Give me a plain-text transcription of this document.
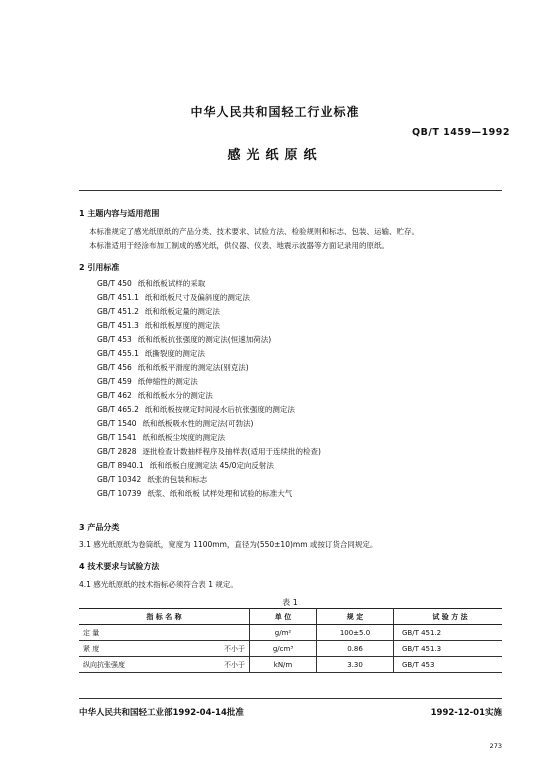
中华人民共和国轻工行业标准
QB/T 1459—1992
感光纸原纸
1 主题内容与适用范围
本标准规定了感光纸原纸的产品分类、技术要求、试验方法、检验规则和标志、包装、运输、贮存。
本标准适用于经涂布加工制成的感光纸，供仪器、仪表、地震示波器等方面记录用的原纸。
2 引用标准
GB/T 450 纸和纸板试样的采取
GB/T 451.1 纸和纸板尺寸及偏斜度的测定法
GB/T 451.2 纸和纸板定量的测定法
GB/T 451.3 纸和纸板厚度的测定法
GB/T 453 纸和纸板抗张强度的测定法(恒速加荷法)
GB/T 455.1 纸撕裂度的测定法
GB/T 456 纸和纸板平滑度的测定法(别克法)
GB/T 459 纸伸缩性的测定法
GB/T 462 纸和纸板水分的测定法
GB/T 465.2 纸和纸板按规定时间浸水后抗张强度的测定法
GB/T 1540 纸和纸板吸水性的测定法(可勃法)
GB/T 1541 纸和纸板尘埃度的测定法
GB/T 2828 逐批检查计数抽样程序及抽样表(适用于连续批的检查)
GB/T 8940.1 纸和纸板白度测定法 45/0定向反射法
GB/T 10342 纸张的包装和标志
GB/T 10739 纸浆、纸和纸板 试样处理和试验的标准大气
3 产品分类
3.1 感光纸原纸为卷筒纸，宽度为 1100mm，直径为(550±10)mm 或按订货合同规定。
4 技术要求与试验方法
4.1 感光纸原纸的技术指标必须符合表 1 规定。
表 1
指 标 名 称	单 位	规 定	试 验 方 法

定 量	g/m²	100±5.0	GB/T 451.2

紧 度 不小于	g/cm³	0.86	GB/T 451.3

纵向抗张强度 不小于	kN/m	3.30	GB/T 453
中华人民共和国轻工业部1992-04-14批准	1992-12-01实施
273
